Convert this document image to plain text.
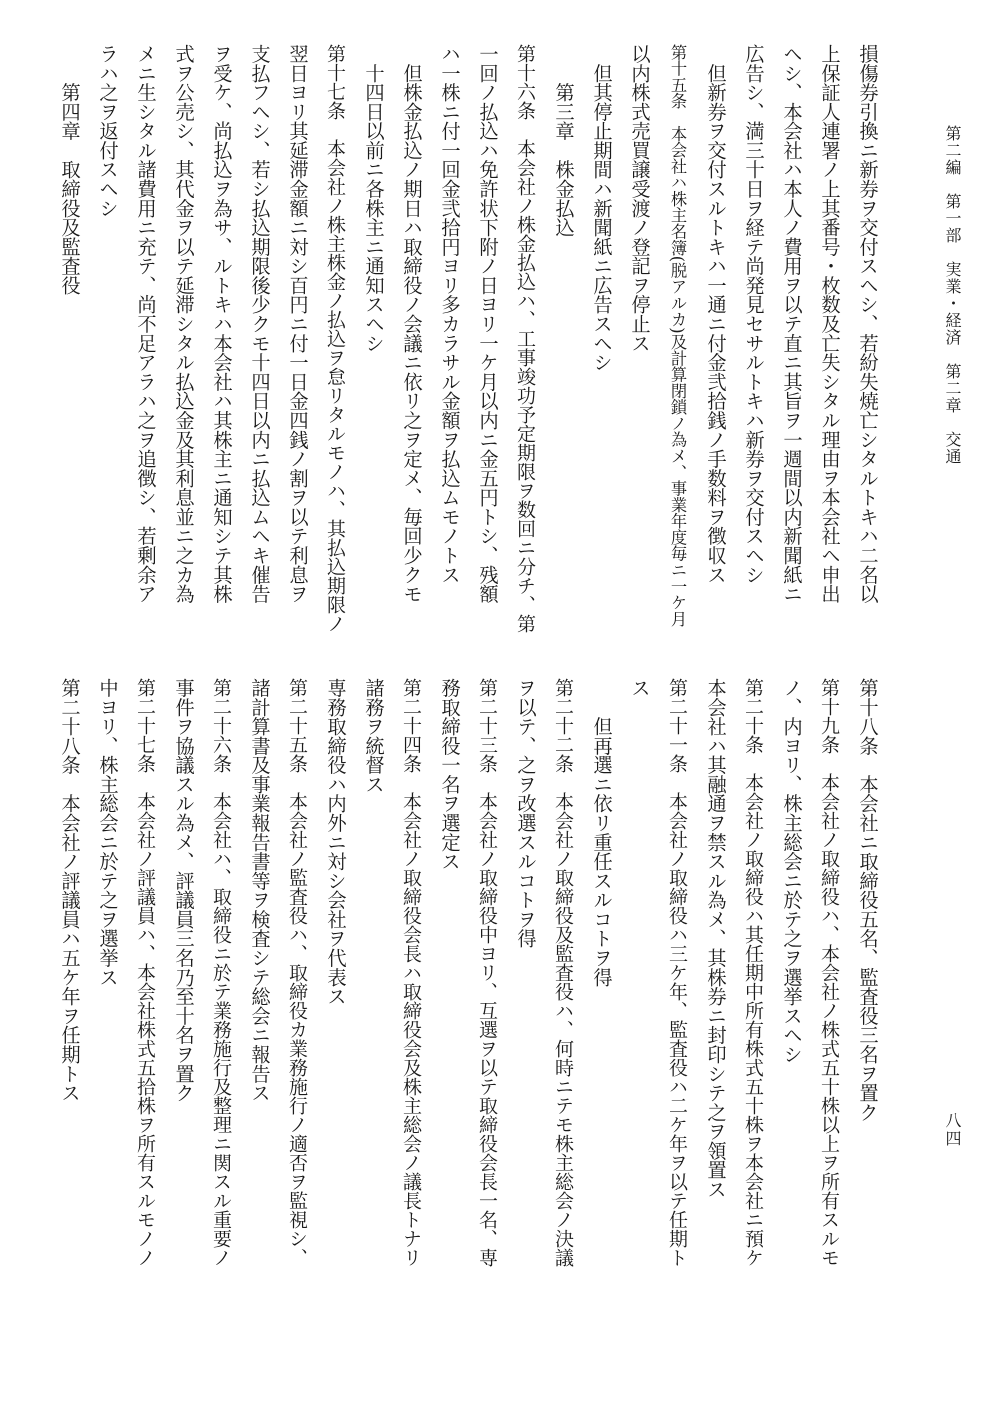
第二編　第一部　実業・経済　第二章　交通
八四
損傷券引換ニ新券ヲ交付スヘシ、若紛失焼亡シタルトキハ二名以
上保証人連署ノ上其番号・枚数及亡失シタル理由ヲ本会社ヘ申出
ヘシ、本会社ハ本人ノ費用ヲ以テ直ニ其旨ヲ一週間以内新聞紙ニ
広告シ、満三十日ヲ経テ尚発見セサルトキハ新券ヲ交付スヘシ
　但新券ヲ交付スルトキハ一通ニ付金弐拾銭ノ手数料ヲ徴収ス
第十五条　本会社ハ株主名簿(脱アルカ)及計算閉鎖ノ為メ、事業年度毎ニ一ケ月
以内株式売買譲受渡ノ登記ヲ停止ス
　但其停止期間ハ新聞紙ニ広告スヘシ
　　第三章　株金払込
第十六条　本会社ノ株金払込ハ、工事竣功予定期限ヲ数回ニ分チ、第
一回ノ払込ハ免許状下附ノ日ヨリ一ケ月以内ニ金五円トシ、残額
ハ一株ニ付一回金弐拾円ヨリ多カラサル金額ヲ払込ムモノトス
　但株金払込ノ期日ハ取締役ノ会議ニ依リ之ヲ定メ、毎回少クモ
　十四日以前ニ各株主ニ通知スヘシ
第十七条　本会社ノ株主株金ノ払込ヲ怠リタルモノハ、其払込期限ノ
翌日ヨリ其延滞金額ニ対シ百円ニ付一日金四銭ノ割ヲ以テ利息ヲ
支払フヘシ、若シ払込期限後少クモ十四日以内ニ払込ムヘキ催告
ヲ受ケ、尚払込ヲ為サ、ルトキハ本会社ハ其株主ニ通知シテ其株
式ヲ公売シ、其代金ヲ以テ延滞シタル払込金及其利息並ニ之カ為
メニ生シタル諸費用ニ充テ、尚不足アラハ之ヲ追徴シ、若剰余ア
ラハ之ヲ返付スヘシ
　　第四章　取締役及監査役
第十八条　本会社ニ取締役五名、監査役三名ヲ置ク
第十九条　本会社ノ取締役ハ、本会社ノ株式五十株以上ヲ所有スルモ
ノ、内ヨリ、株主総会ニ於テ之ヲ選挙スヘシ
第二十条　本会社ノ取締役ハ其任期中所有株式五十株ヲ本会社ニ預ケ
本会社ハ其融通ヲ禁スル為メ、其株券ニ封印シテ之ヲ領置ス
第二十一条　本会社ノ取締役ハ三ケ年、監査役ハ二ケ年ヲ以テ任期ト
ス
　　但再選ニ依リ重任スルコトヲ得
第二十二条　本会社ノ取締役及監査役ハ、何時ニテモ株主総会ノ決議
ヲ以テ、之ヲ改選スルコトヲ得
第二十三条　本会社ノ取締役中ヨリ、互選ヲ以テ取締役会長一名、専
務取締役一名ヲ選定ス
第二十四条　本会社ノ取締役会長ハ取締役会及株主総会ノ議長トナリ
諸務ヲ統督ス
専務取締役ハ内外ニ対シ会社ヲ代表ス
第二十五条　本会社ノ監査役ハ、取締役カ業務施行ノ適否ヲ監視シ、
諸計算書及事業報告書等ヲ検査シテ総会ニ報告ス
第二十六条　本会社ハ、取締役ニ於テ業務施行及整理ニ関スル重要ノ
事件ヲ協議スル為メ、評議員三名乃至十名ヲ置ク
第二十七条　本会社ノ評議員ハ、本会社株式五拾株ヲ所有スルモノノ
中ヨリ、株主総会ニ於テ之ヲ選挙ス
第二十八条　本会社ノ評議員ハ五ケ年ヲ任期トス
